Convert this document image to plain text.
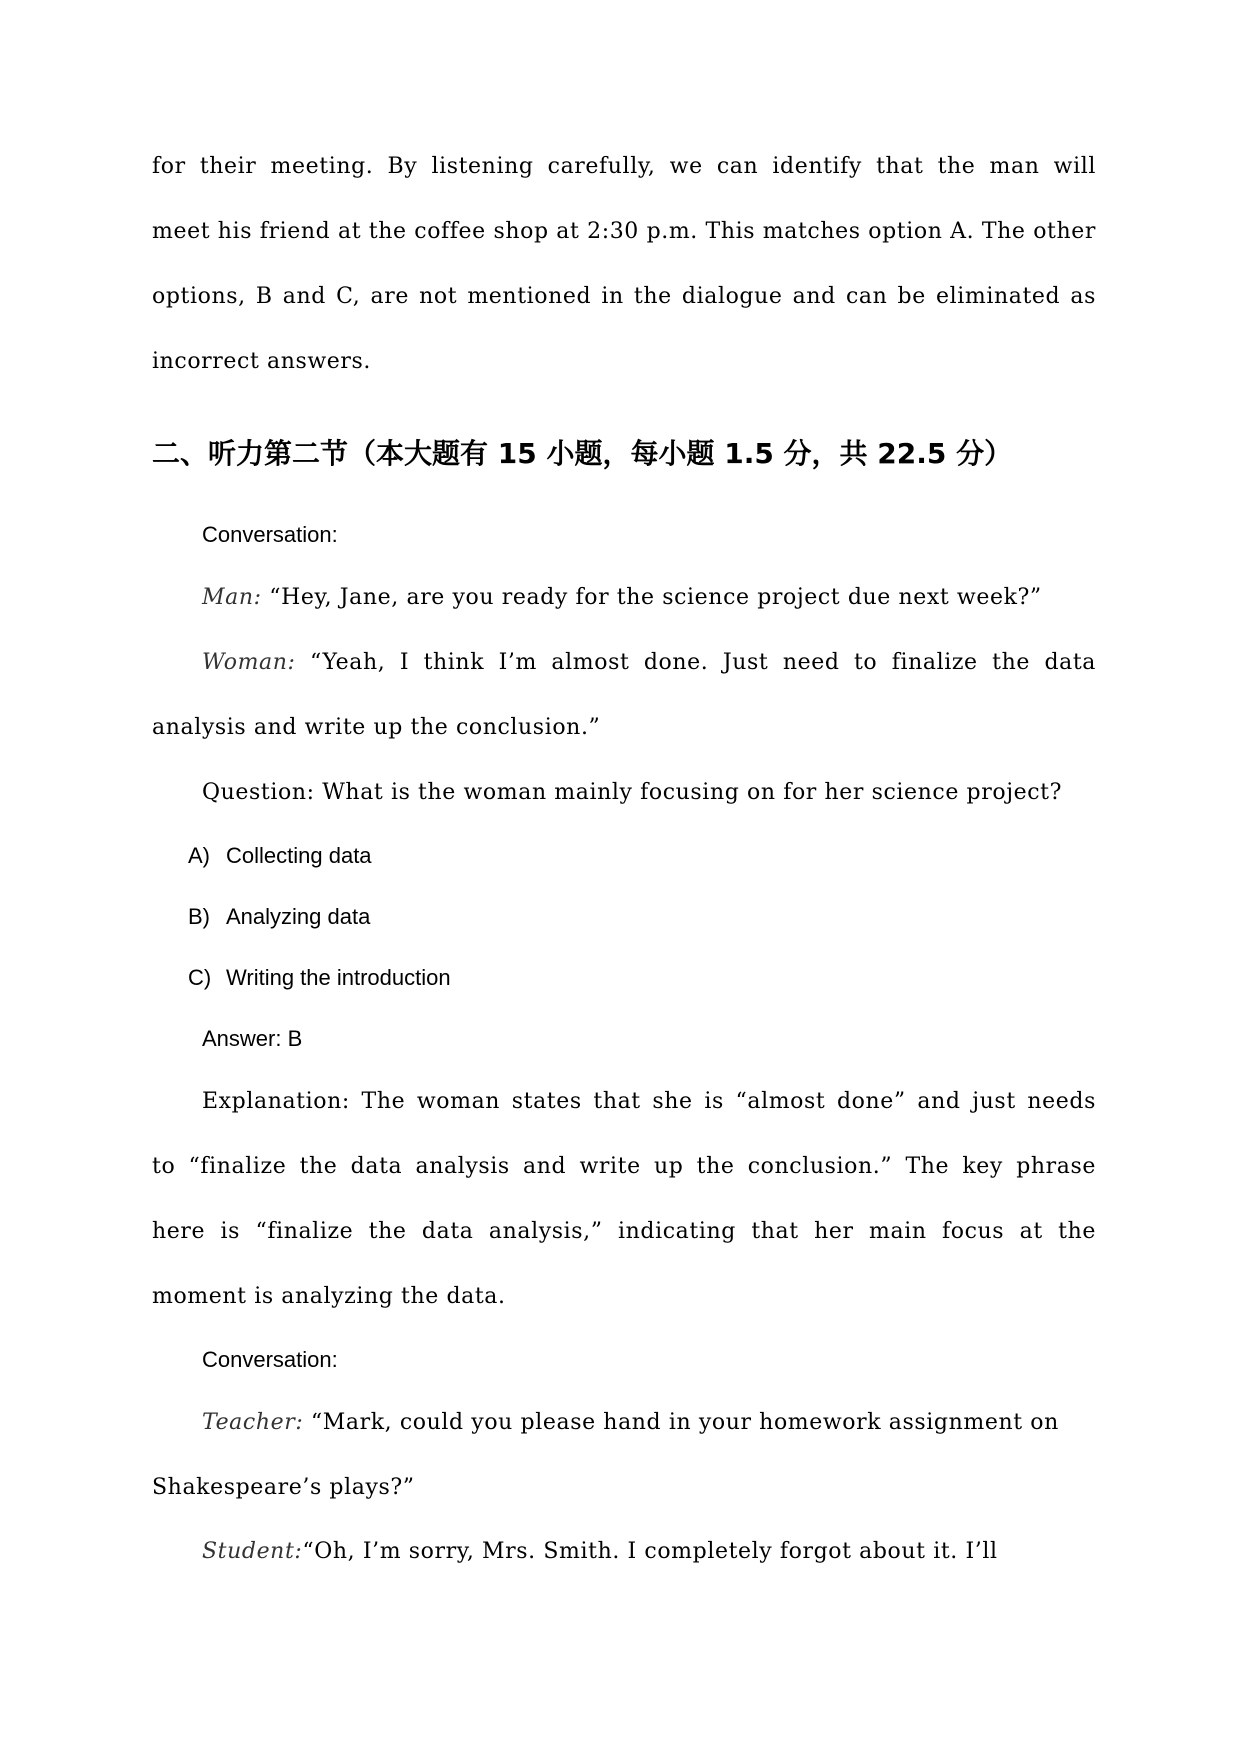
for their meeting. By listening carefully, we can identify that the man will
meet his friend at the coffee shop at 2:30 p.m. This matches option A. The other
options, B and C, are not mentioned in the dialogue and can be eliminated as
incorrect answers.
二、听力第二节（本大题有 15 小题，每小题 1.5 分，共 22.5 分）
Conversation:
Man: “Hey, Jane, are you ready for the science project due next week?”
Woman: “Yeah, I think I’m almost done. Just need to finalize the data
analysis and write up the conclusion.”
Question: What is the woman mainly focusing on for her science project?
A) Collecting data
B) Analyzing data
C) Writing the introduction
Answer: B
Explanation: The woman states that she is “almost done” and just needs
to “finalize the data analysis and write up the conclusion.” The key phrase
here is “finalize the data analysis,” indicating that her main focus at the
moment is analyzing the data.
Conversation:
Teacher: “Mark, could you please hand in your homework assignment on
Shakespeare’s plays?”
Student:“Oh, I’m sorry, Mrs. Smith. I completely forgot about it. I’ll
